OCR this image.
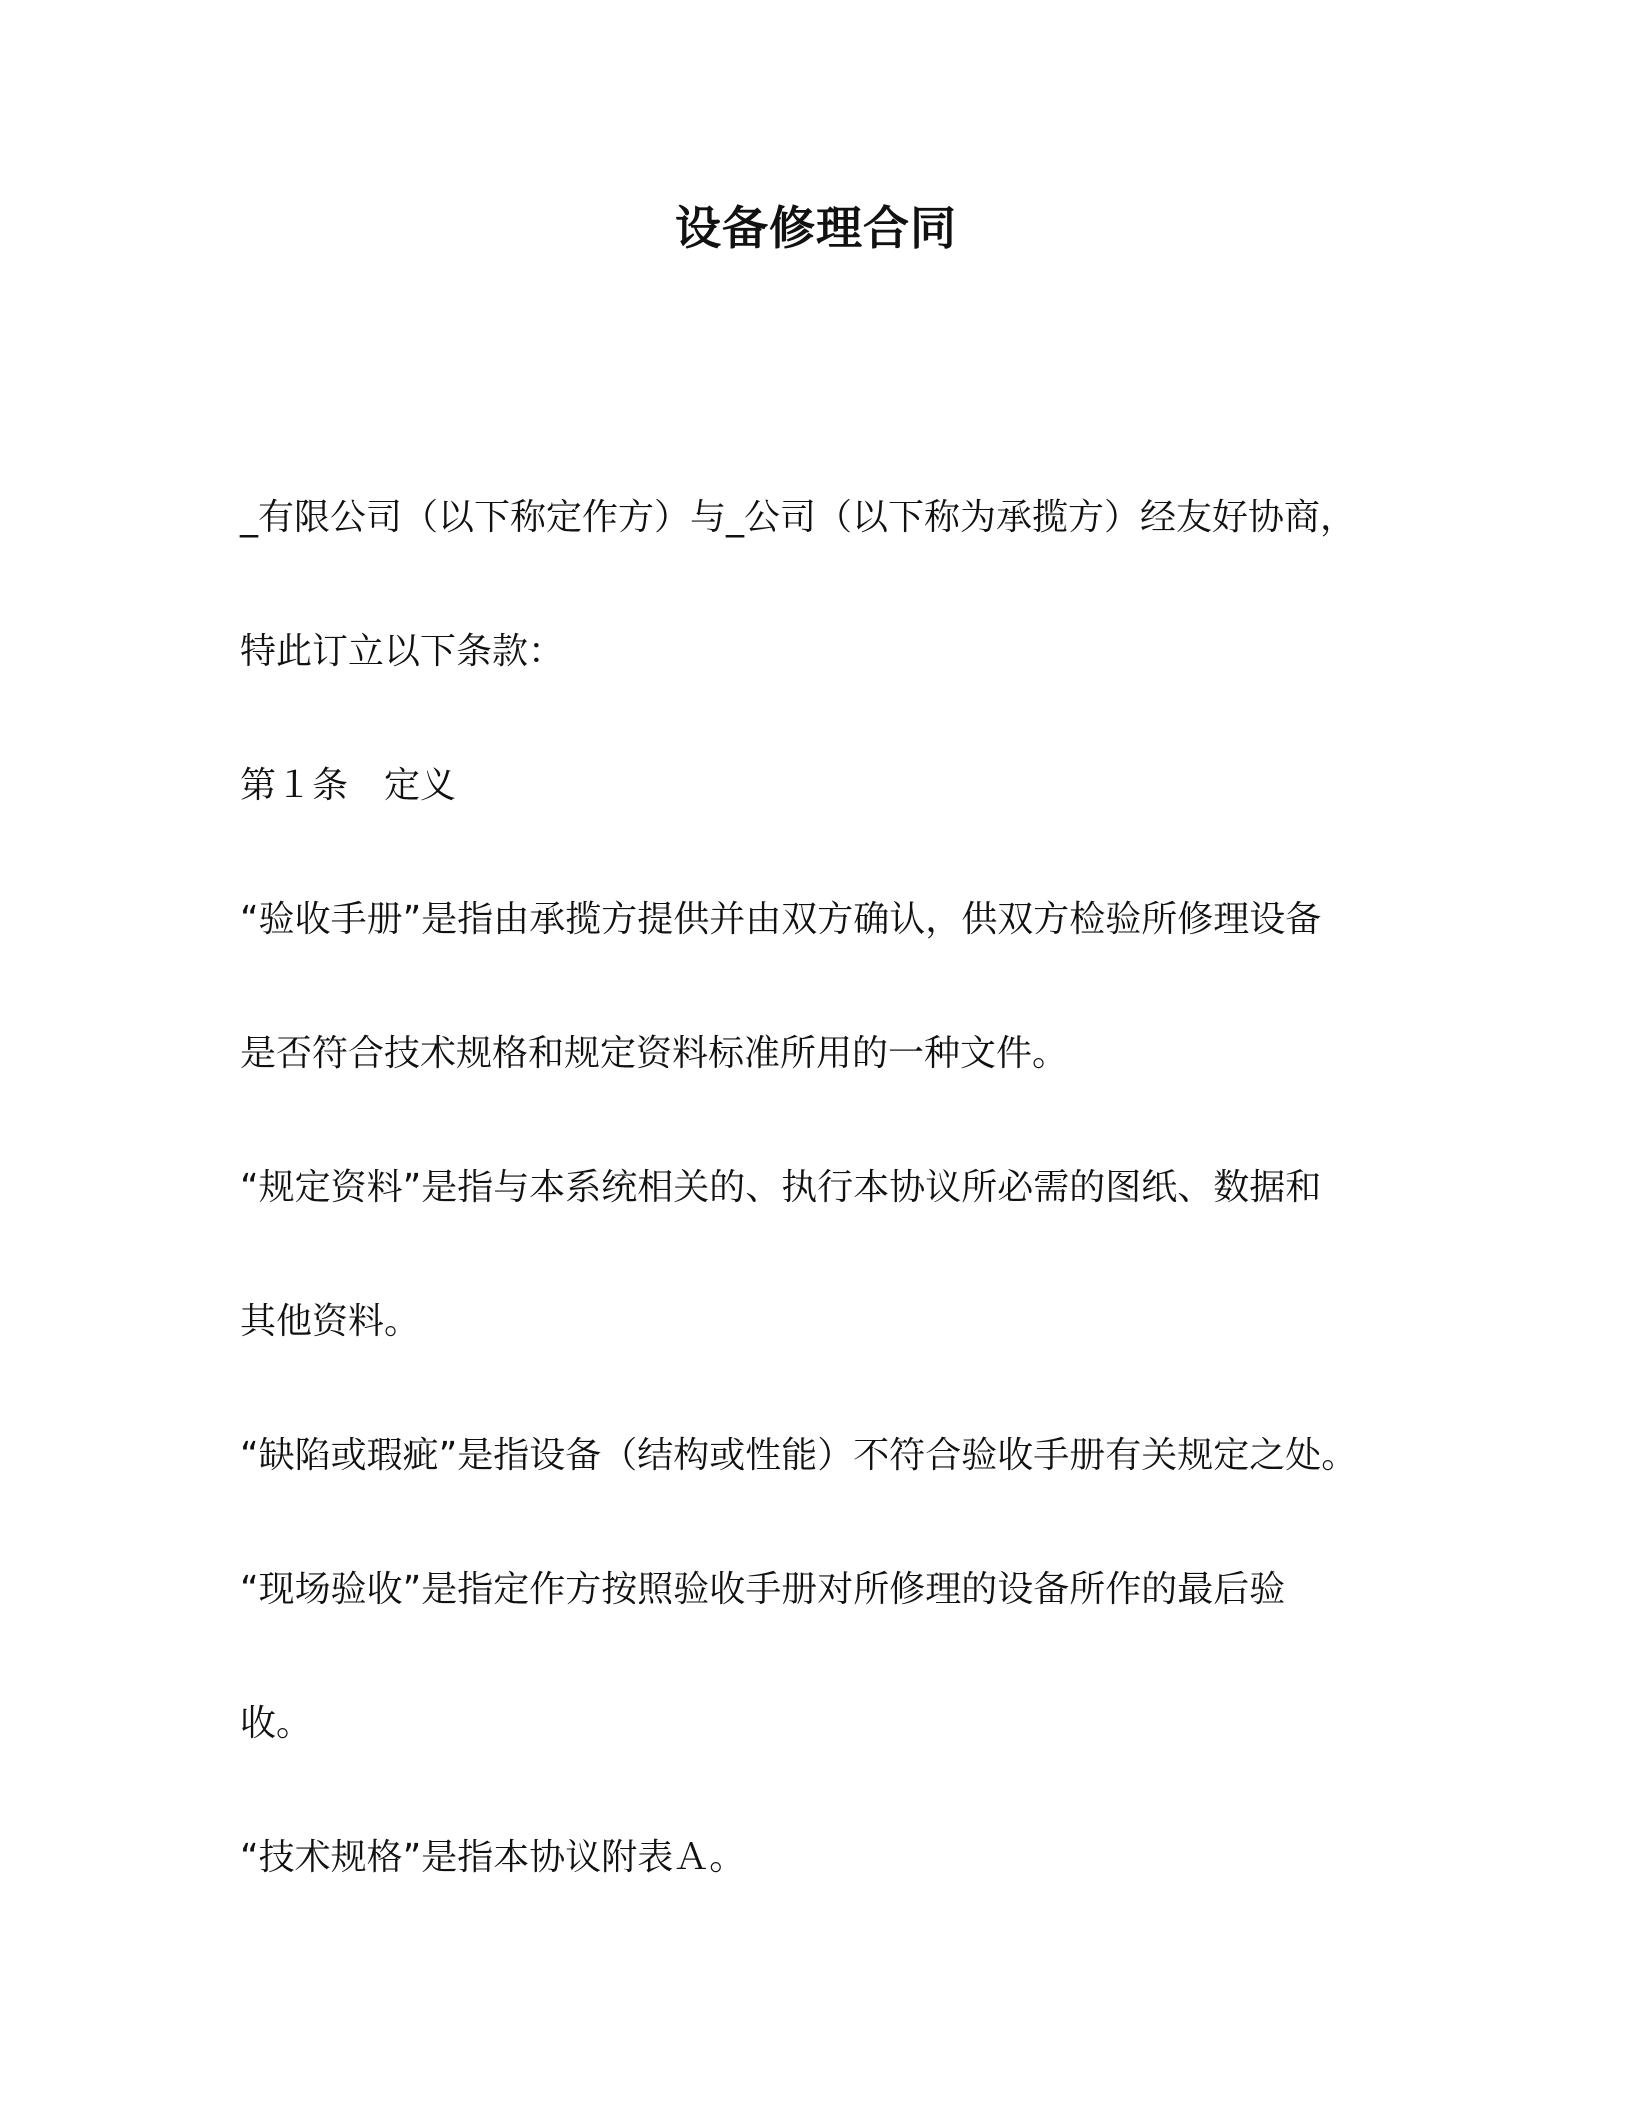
设备修理合同
_有限公司（以下称定作方）与_公司（以下称为承揽方）经友好协商，
特此订立以下条款：
第１条　定义
“验收手册”是指由承揽方提供并由双方确认，供双方检验所修理设备
是否符合技术规格和规定资料标准所用的一种文件。
“规定资料”是指与本系统相关的、执行本协议所必需的图纸、数据和
其他资料。
“缺陷或瑕疵”是指设备（结构或性能）不符合验收手册有关规定之处。
“现场验收”是指定作方按照验收手册对所修理的设备所作的最后验
收。
“技术规格”是指本协议附表Ａ。
